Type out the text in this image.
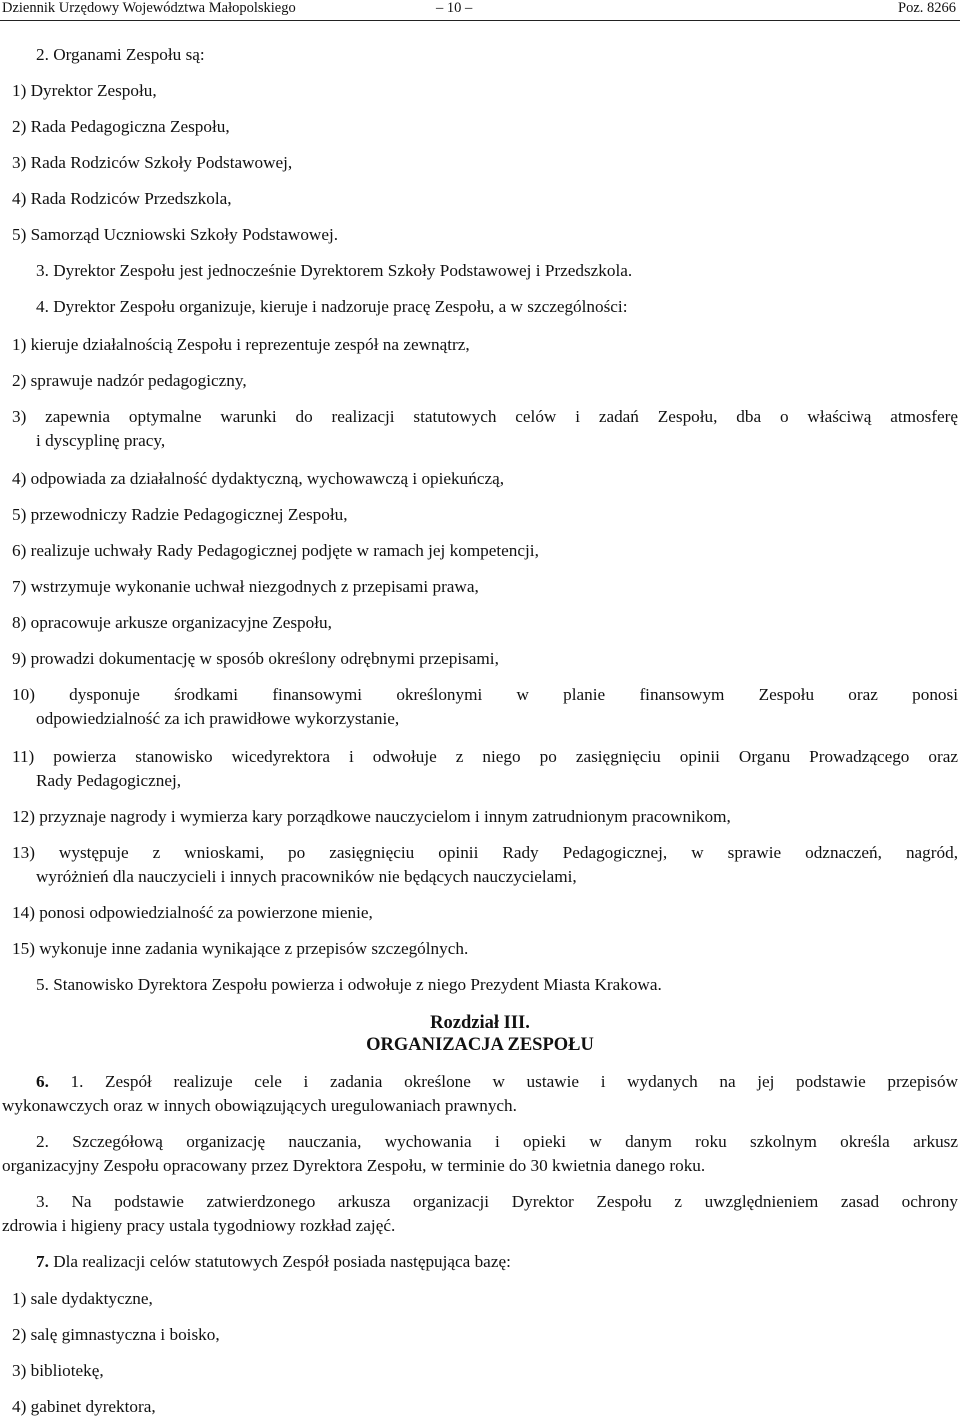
Dziennik Urzędowy Województwa Małopolskiego	– 10 –	Poz. 8266
2. Organami Zespołu są:
1) Dyrektor Zespołu,
2) Rada Pedagogiczna Zespołu,
3) Rada Rodziców Szkoły Podstawowej,
4) Rada Rodziców Przedszkola,
5) Samorząd Uczniowski Szkoły Podstawowej.
3. Dyrektor Zespołu jest jednocześnie Dyrektorem Szkoły Podstawowej i Przedszkola.
4. Dyrektor Zespołu organizuje, kieruje i nadzoruje pracę Zespołu, a w szczególności:
1) kieruje działalnością Zespołu i reprezentuje zespół na zewnątrz,
2) sprawuje nadzór pedagogiczny,
3) zapewnia optymalne warunki do realizacji statutowych celów i zadań Zespołu, dba o właściwą atmosferę
i dyscyplinę pracy,
4) odpowiada za działalność dydaktyczną, wychowawczą i opiekuńczą,
5) przewodniczy Radzie Pedagogicznej Zespołu,
6) realizuje uchwały Rady Pedagogicznej podjęte w ramach jej kompetencji,
7) wstrzymuje wykonanie uchwał niezgodnych z przepisami prawa,
8) opracowuje arkusze organizacyjne Zespołu,
9) prowadzi dokumentację w sposób określony odrębnymi przepisami,
10) dysponuje środkami finansowymi określonymi w planie finansowym Zespołu oraz ponosi
odpowiedzialność za ich prawidłowe wykorzystanie,
11) powierza stanowisko wicedyrektora i odwołuje z niego po zasięgnięciu opinii Organu Prowadzącego oraz
Rady Pedagogicznej,
12) przyznaje nagrody i wymierza kary porządkowe nauczycielom i innym zatrudnionym pracownikom,
13) występuje z wnioskami, po zasięgnięciu opinii Rady Pedagogicznej, w sprawie odznaczeń, nagród,
wyróżnień dla nauczycieli i innych pracowników nie będących nauczycielami,
14) ponosi odpowiedzialność za powierzone mienie,
15) wykonuje inne zadania wynikające z przepisów szczególnych.
5. Stanowisko Dyrektora Zespołu powierza i odwołuje z niego Prezydent Miasta Krakowa.
Rozdział III.
ORGANIZACJA ZESPOŁU
6. 1. Zespół realizuje cele i zadania określone w ustawie i wydanych na jej podstawie przepisów
wykonawczych oraz w innych obowiązujących uregulowaniach prawnych.
2. Szczegółową organizację nauczania, wychowania i opieki w danym roku szkolnym określa arkusz
organizacyjny Zespołu opracowany przez Dyrektora Zespołu, w terminie do 30 kwietnia danego roku.
3. Na podstawie zatwierdzonego arkusza organizacji Dyrektor Zespołu z uwzględnieniem zasad ochrony
zdrowia i higieny pracy ustala tygodniowy rozkład zajęć.
7. Dla realizacji celów statutowych Zespół posiada następująca bazę:
1) sale dydaktyczne,
2) salę gimnastyczna i boisko,
3) bibliotekę,
4) gabinet dyrektora,
